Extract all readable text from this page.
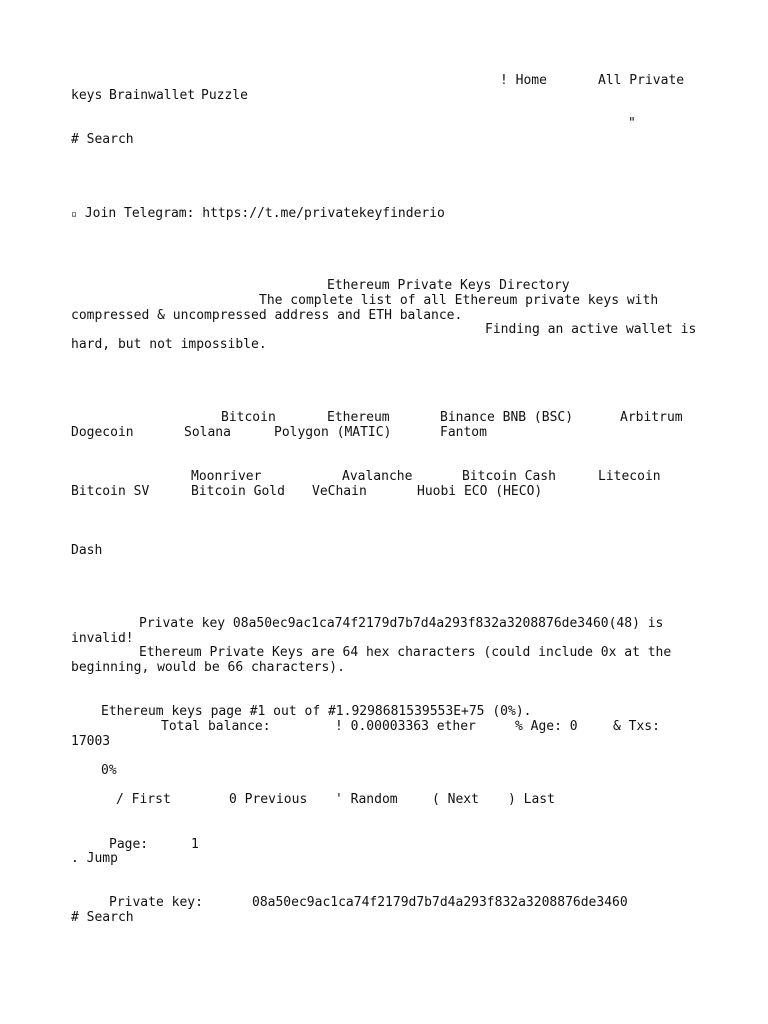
! Home	All Private
keys Brainwallet Puzzle
"
# Search
▫ Join Telegram: https://t.me/privatekeyfinderio
Ethereum Private Keys Directory
The complete list of all Ethereum private keys with
compressed & uncompressed address and ETH balance.
Finding an active wallet is
hard, but not impossible.
Bitcoin	Ethereum	Binance BNB (BSC)	Arbitrum
Dogecoin	Solana	Polygon (MATIC)	Fantom
Moonriver	Avalanche	Bitcoin Cash	Litecoin
Bitcoin SV	Bitcoin Gold VeChain	Huobi ECO (HECO)
Dash
Private key 08a50ec9ac1ca74f2179d7b7d4a293f832a3208876de3460(48) is
invalid!
Ethereum Private Keys are 64 hex characters (could include 0x at the
beginning, would be 66 characters).
Ethereum keys page #1 out of #1.9298681539553E+75 (0%).
Total balance:	! 0.00003363 ether	% Age: 0	& Txs:
17003
0%
/ First	0 Previous ' Random	( Next ) Last
Page:	1
. Jump
Private key:	08a50ec9ac1ca74f2179d7b7d4a293f832a3208876de3460
# Search
